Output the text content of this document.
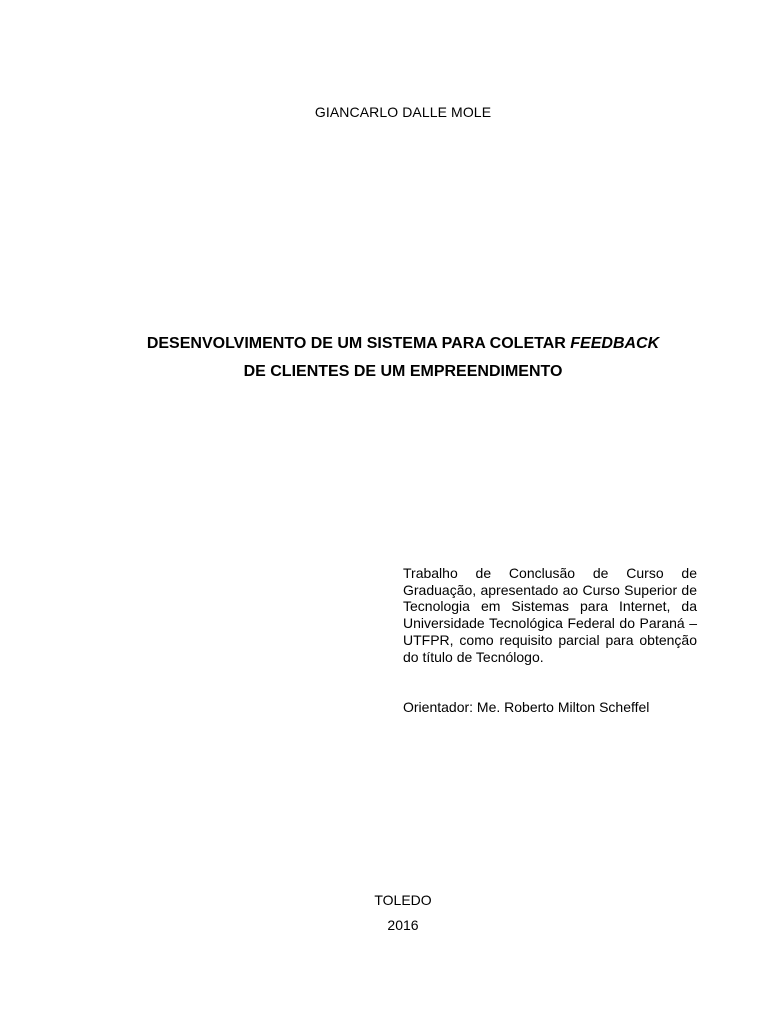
GIANCARLO DALLE MOLE
DESENVOLVIMENTO DE UM SISTEMA PARA COLETAR FEEDBACK
DE CLIENTES DE UM EMPREENDIMENTO
Trabalho de Conclusão de Curso de Graduação, apresentado ao Curso Superior de Tecnologia em Sistemas para Internet, da Universidade Tecnológica Federal do Paraná – UTFPR, como requisito parcial para obtenção do título de Tecnólogo.
Orientador: Me. Roberto Milton Scheffel
TOLEDO
2016
